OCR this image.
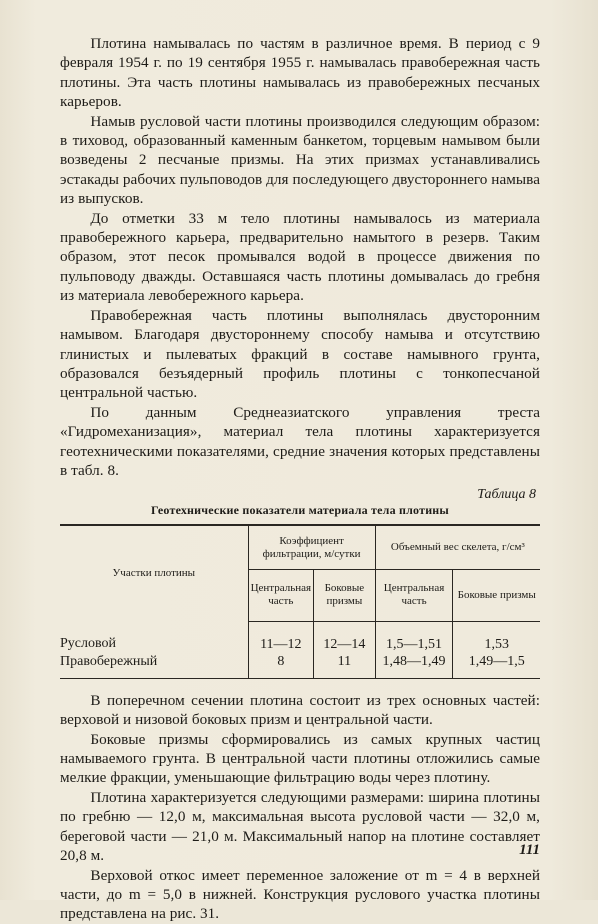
Плотина намывалась по частям в различное время. В период с 9 февраля 1954 г. по 19 сентября 1955 г. намывалась правобережная часть плотины. Эта часть плотины намывалась из правобережных песчаных карьеров.

Намыв русловой части плотины производился следующим образом: в тиховод, образованный каменным банкетом, торцевым намывом были возведены 2 песчаные призмы. На этих призмах устанавливались эстакады рабочих пульповодов для последующего двустороннего намыва из выпусков.

До отметки 33 м тело плотины намывалось из материала правобережного карьера, предварительно намытого в резерв. Таким образом, этот песок промывался водой в процессе движения по пульповоду дважды. Оставшаяся часть плотины домывалась до гребня из материала левобережного карьера.

Правобережная часть плотины выполнялась двусторонним намывом. Благодаря двустороннему способу намыва и отсутствию глинистых и пылеватых фракций в составе намывного грунта, образовался безъядерный профиль плотины с тонкопесчаной центральной частью.

По данным Среднеазиатского управления треста «Гидромеханизация», материал тела плотины характеризуется геотехническими показателями, средние значения которых представлены в табл. 8.

Таблица 8
Геотехнические показатели материала тела плотины
Участки плотины	Коэффициент фильтрации, м/сутки		Объемный вес скелета, г/см³	
	Центральная часть	Боковые призмы	Центральная часть	Боковые призмы
Русловой	11—12	12—14	1,5—1,51	1,53
Правобережный	8	11	1,48—1,49	1,49—1,5

В поперечном сечении плотина состоит из трех основных частей: верховой и низовой боковых призм и центральной части.

Боковые призмы сформировались из самых крупных частиц намываемого грунта. В центральной части плотины отложились самые мелкие фракции, уменьшающие фильтрацию воды через плотину.

Плотина характеризуется следующими размерами: ширина плотины по гребню — 12,0 м, максимальная высота русловой части — 32,0 м, береговой части — 21,0 м. Максимальный напор на плотине составляет 20,8 м.

Верховой откос имеет переменное заложение от m = 4 в верхней части, до m = 5,0 в нижней. Конструкция руслового участка плотины представлена на рис. 31.

111
